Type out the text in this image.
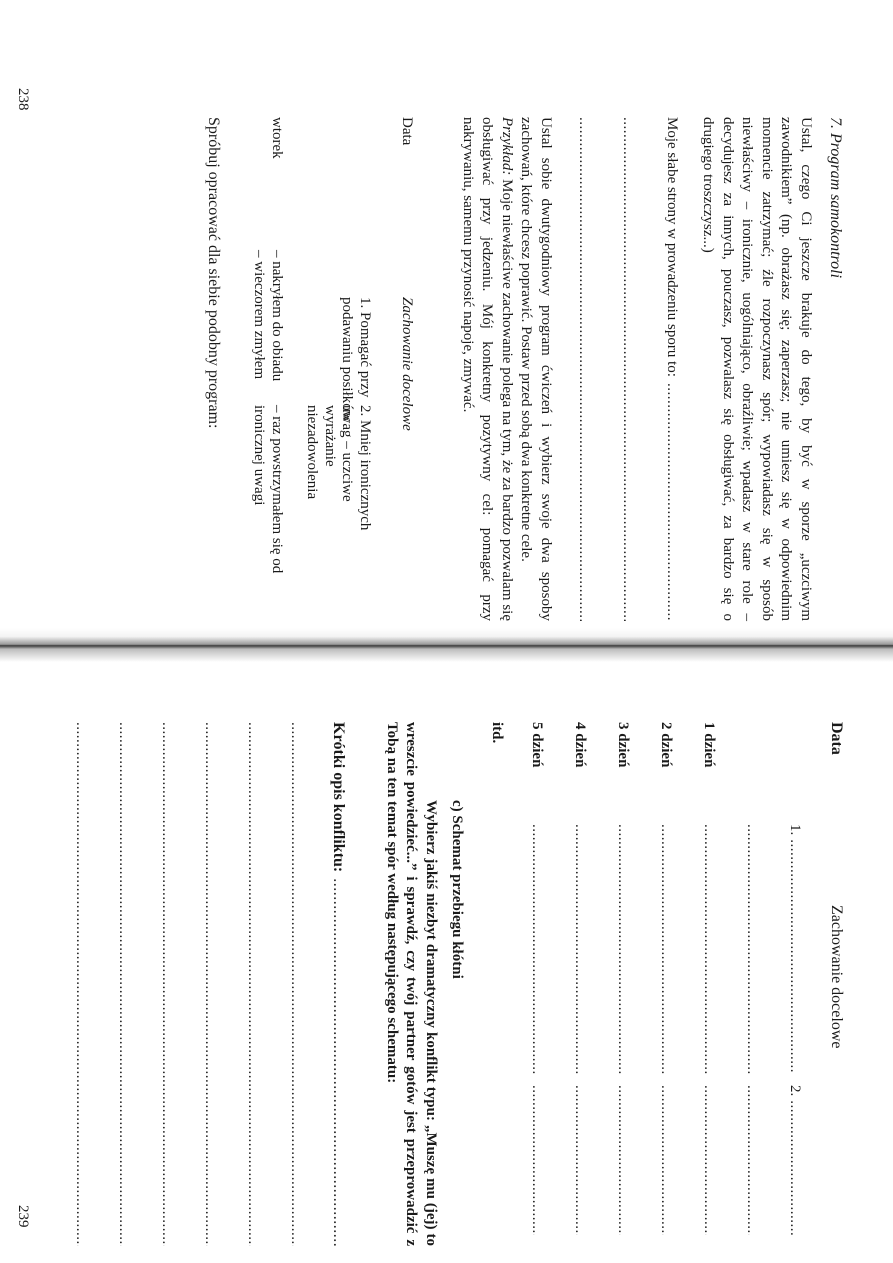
7. Program samokontroli

Ustal, czego Ci jeszcze brakuje do tego, by być w sporze „uczciwym zawodnikiem” (np. obrażasz się; zaperzasz; nie umiesz się w odpowiednim momencie zatrzymać; źle rozpoczynasz spór; wypowiadasz się w sposób niewłaściwy – ironicznie, uogólniająco, obraźliwie; wpadasz w stare role – decydujesz za innych, pouczasz, pozwalasz się obsługiwać, za bardzo się o drugiego troszczysz...)

Moje słabe strony w prowadzeniu sporu to:
.....
.....
.....

Ustal sobie dwutygodniowy program ćwiczeń i wybierz swoje dwa sposoby zachowań, które chcesz poprawić. Postaw przed sobą dwa konkretne cele.
Przykład: Moje niewłaściwe zachowanie polega na tym, że za bardzo pozwalam się obsługiwać przy jedzeniu. Mój konkretny pozytywny cel: pomagać przy nakrywaniu, samemu przynosić napoje, zmywać.

Data
Zachowanie docelowe
1. Pomagać przy podawaniu posiłków
2. Mniej ironicznych uwag – uczciwe wyrażanie niezadowolenia
wtorek
– nakryłem do obiadu
– wieczorem zmyłem
– raz powstrzymałem się od ironicznej uwagi

Spróbuj opracować dla siebie podobny program:

238
Data
Zachowanie docelowe
1.
.....
2.
.....
.....
.....
1 dzień
.....
.....
2 dzień
.....
.....
3 dzień
.....
.....
4 dzień
.....
.....
5 dzień
.....
.....
itd.
c) Schemat przebiegu kłótni

Wybierz jakiś niezbyt dramatyczny konflikt typu: „Muszę mu (jej) to wreszcie powiedzieć...” i sprawdź, czy twój partner gotów jest przeprowadzić z Tobą na ten temat spór według następującego schematu:

Krótki opis konfliktu:
.....
.....
.....
.....
.....
.....
.....
239
